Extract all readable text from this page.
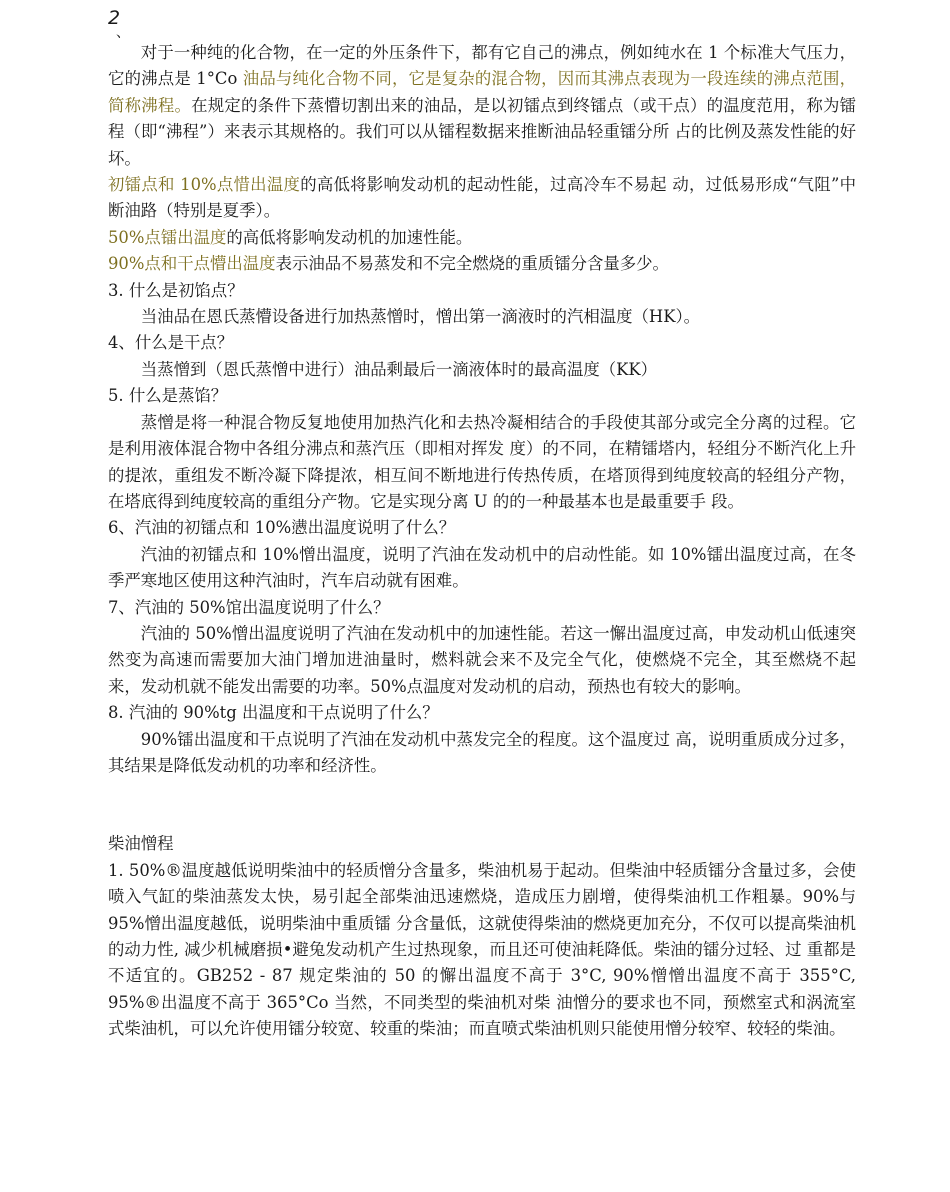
2
、

对于一种纯的化合物，在一定的外压条件下，都有它自己的沸点，例如纯水在 1 个标准大气压力，它的沸点是 1°Co 油品与纯化合物不同，它是复杂的混合物，因而其沸点表现为一段连续的沸点范围，简称沸程。在规定的条件下蒸懵切割出来的油品，是以初镭点到终镭点（或干点）的温度范用，称为镭程（即“沸程”）来表示其规格的。我们可以从镭程数据来推断油品轻重镭分所 占的比例及蒸发性能的好坏。

初镭点和 10%点惜出温度的高低将影响发动机的起动性能，过高冷车不易起 动，过低易形成“气阻”中断油路（特别是夏季）。

50%点镭出温度的高低将影响发动机的加速性能。

90%点和干点懵出温度表示油品不易蒸发和不完全燃烧的重质镭分含量多少。

3. 什么是初馅点？

当油品在恩氏蒸懵设备进行加热蒸憎时，憎出第一滴液时的汽相温度（HK）。

4、什么是干点？

当蒸憎到（恩氏蒸憎中进行）油品剩最后一滴液体时的最高温度（KK）

5. 什么是蒸馅？

蒸憎是将一种混合物反复地使用加热汽化和去热冷凝相结合的手段使其部分或完全分离的过程。它是利用液体混合物中各组分沸点和蒸汽压（即相对挥发 度）的不同，在精镭塔内，轻组分不断汽化上升的提浓，重组发不断冷凝下降提浓，相互间不断地进行传热传质，在塔顶得到纯度较高的轻组分产物，在塔底得到纯度较高的重组分产物。它是实现分离 U 的的一种最基本也是最重要手 段。

6、汽油的初镭点和 10%懑出温度说明了什么？

汽油的初镭点和 10%憎出温度，说明了汽油在发动机中的启动性能。如 10%镭出温度过高，在冬季严寒地区使用这种汽油时，汽车启动就有困难。

7、汽油的 50%馆出温度说明了什么？

汽油的 50%憎出温度说明了汽油在发动机中的加速性能。若这一懈出温度过高，申发动机山低速突然变为高速而需要加大油门增加进油量时，燃料就会来不及完全气化，使燃烧不完全，其至燃烧不起来，发动机就不能发出需要的功率。50%点温度对发动机的启动，预热也有较大的影响。

8. 汽油的 90%tg 出温度和干点说明了什么？

90%镭出温度和干点说明了汽油在发动机中蒸发完全的程度。这个温度过 高，说明重质成分过多，其结果是降低发动机的功率和经济性。

柴油憎程

1. 50%®温度越低说明柴油中的轻质憎分含量多，柴油机易于起动。但柴油中轻质镭分含量过多，会使喷入气缸的柴油蒸发太快，易引起全部柴油迅速燃烧，造成压力剧增，使得柴油机工作粗暴。90%与 95%憎出温度越低，说明柴油中重质镭 分含量低，这就使得柴油的燃烧更加充分，不仅可以提高柴油机的动力性, 减少机械磨损•避兔发动机产生过热现象，而且还可使油耗降低。柴油的镭分过轻、过 重都是不适宜的。GB252 - 87 规定柴油的 50 的懈出温度不高于 3°C, 90%憎憎出温度不高于 355°C, 95%®出温度不高于 365°Co 当然，不同类型的柴油机对柴 油憎分的要求也不同，预燃室式和涡流室式柴油机，可以允许使用镭分较宽、较重的柴油；而直喷式柴油机则只能使用憎分较窄、较轻的柴油。
